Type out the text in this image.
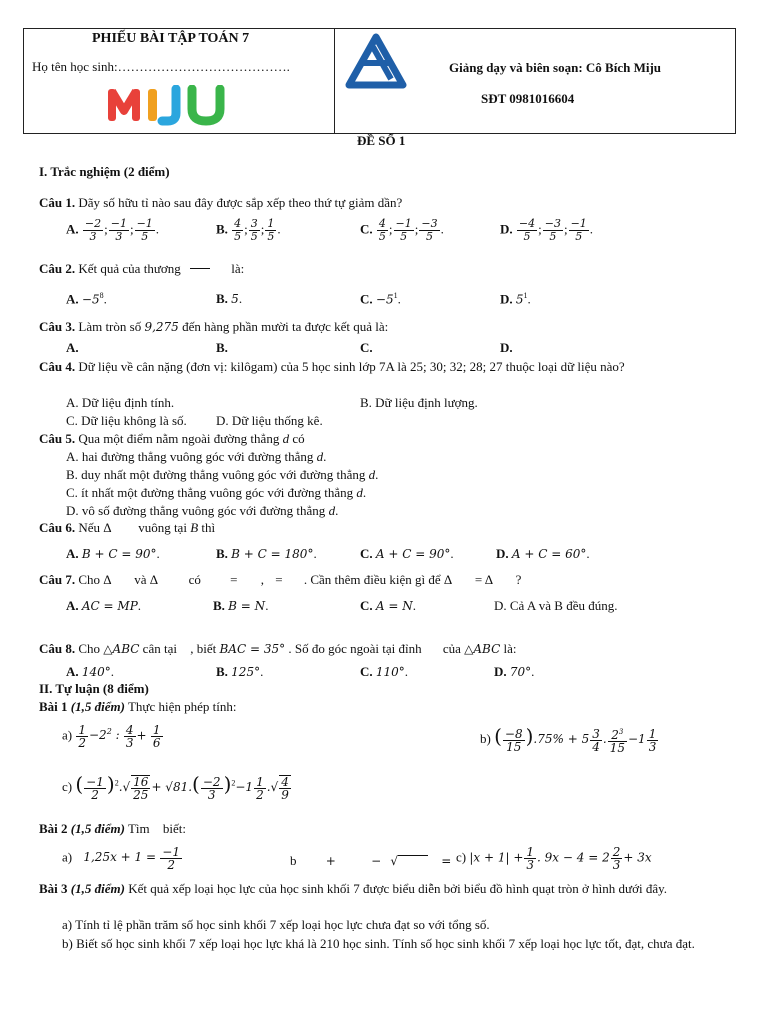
PHIẾU BÀI TẬP TOÁN 7
Họ tên học sinh:………………………………….	Giảng dạy và biên soạn: Cô Bích Miju
SĐT 0981016604
ĐỀ SỐ 1
I. Trắc nghiệm (2 điểm)
Câu 1. Dãy số hữu tỉ nào sau đây được sắp xếp theo thứ tự giảm dần?
A. $\frac{-2}{3}$ ; $\frac{-1}{3}$ ; $\frac{-1}{5}$ .	B. $\frac{4}{5}$ ; $\frac{3}{5}$ ; $\frac{1}{5}$ .	C. $\frac{4}{5}$ ; $\frac{-1}{5}$ ; $\frac{-3}{5}$ .	D. $\frac{-4}{5}$ ; $\frac{-3}{5}$ ; $\frac{-1}{5}$ .
Câu 2. Kết quả của thương	là:
A. $-5^8$.	B. 5.	C. $-5^1$.	D. $5^1$.
Câu 3. Làm tròn số 9,275 đến hàng phần mười ta được kết quả là:
A.	B.	C.	D.
Câu 4. Dữ liệu về cân nặng (đơn vị: kilôgam) của 5 học sinh lớp 7A là 25; 30; 32; 28; 27 thuộc loại dữ liệu nào?
A. Dữ liệu định tính.	B. Dữ liệu định lượng.
C. Dữ liệu không là số. D. Dữ liệu thống kê.
Câu 5. Qua một điểm nằm ngoài đường thẳng d có
A. hai đường thẳng vuông góc với đường thẳng d.
B. duy nhất một đường thẳng vuông góc với đường thẳng d.
C. ít nhất một đường thẳng vuông góc với đường thẳng d.
D. vô số đường thẳng vuông góc với đường thẳng d.
Câu 6. Nếu Δ vuông tại B thì
A. B + C = 90°.	B. B + C = 180°.	C. A + C = 90°.	D. A + C = 60°.
Câu 7. Cho Δ và Δ có = , = . Cần thêm điều kiện gì để Δ = Δ ?
A. AC = MP.	B. B = N.	C. A = N.	D. Cả A và B đều đúng.
Câu 8. Cho △ABC cân tại , biết BAC = 35° . Số đo góc ngoài tại đỉnh của △ABC là:
A. 140°.	B. 125°.	C. 110°.	D. 70°.
II. Tự luận (8 điểm)
Bài 1 (1,5 điểm) Thực hiện phép tính:
$a) \frac{1}{2} -2^2$ : $\frac{4}{3} + \frac{1}{6}$	b) ( $\frac{-8}{15} ).75\% + 5 \frac{3}{4}$ . $\frac{2^3}{15} -1 \frac{1}{3}$
c) ( $\frac{-1}{2} )^2.√ \frac{16}{25} + √81.( \frac{-2}{3} )^2-1 \frac{1}{2}$ .√ $\frac{4}{9}$
Bài 2 (1,5 điểm) Tìm biết:
a) $1,25x + 1 = \frac{-1}{2}$	b +	− √	= c) $|x + 1| + \frac{1}{3}$ . $9x - 4 = 2 \frac{2}{3} + 3x$
Bài 3 (1,5 điểm) Kết quả xếp loại học lực của học sinh khối 7 được biểu diễn bởi biểu đồ hình quạt tròn ở hình dưới đây.
a) Tính tỉ lệ phần trăm số học sinh khối 7 xếp loại học lực chưa đạt so với tổng số.
b) Biết số học sinh khối 7 xếp loại học lực khá là 210 học sinh. Tính số học sinh khối 7 xếp loại học lực tốt, đạt, chưa đạt.
